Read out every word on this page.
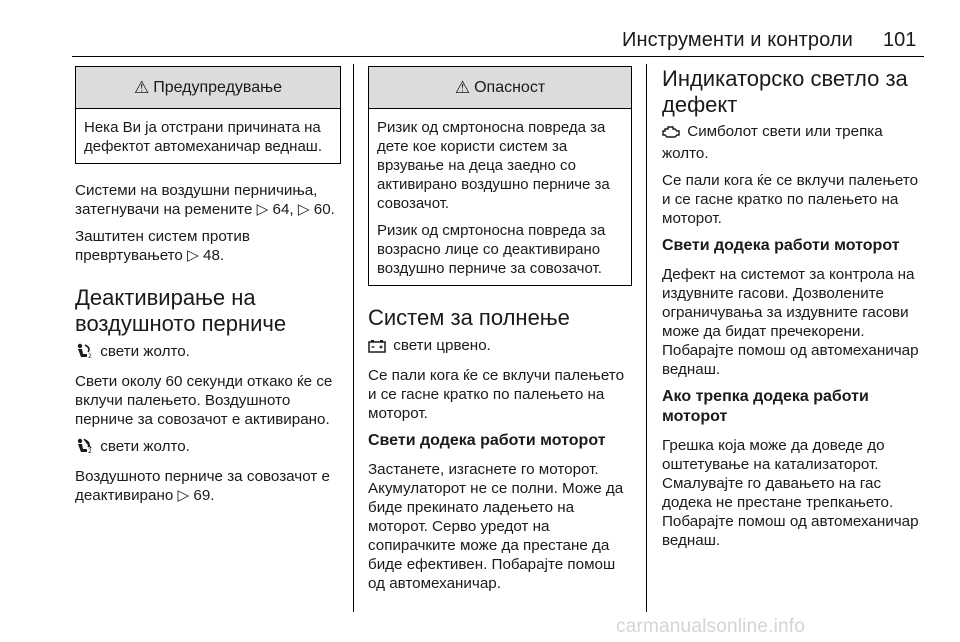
Инструменти и контроли 101
⚠ Предупредување

Нека Ви ја отстрани причината на дефектот автомеханичар веднаш.

Системи на воздушни перничиња, затегнувачи на ремените ▷ 64, ▷ 60.

Заштитен систем против превртувањето ▷ 48.

Деактивирање на воздушното перниче

2 свети жолто.

Свети околу 60 секунди откако ќе се вклучи палењето. Воздушното перниче за совозачот е активирано.

2 свети жолто.

Воздушното перниче за совозачот е деактивирано ▷ 69.

⚠ Опасност

Ризик од смртоносна повреда за дете кое користи систем за врзување на деца заедно со активирано воздушно перниче за совозачот.

Ризик од смртоносна повреда за возрасно лице со деактивирано воздушно перниче за совозачот.

Систем за полнење

свети црвено.

Се пали кога ќе се вклучи палењето и се гасне кратко по палењето на моторот.

Свети додека работи моторот

Застанете, изгаснете го моторот. Акумулаторот не се полни. Може да биде прекинато ладењето на моторот. Серво уредот на сопирачките може да престане да биде ефективен. Побарајте помош од автомеханичар.

Индикаторско светло за дефект

Симболот свети или трепка жолто.

Се пали кога ќе се вклучи палењето и се гасне кратко по палењето на моторот.

Свети додека работи моторот

Дефект на системот за контрола на издувните гасови. Дозволените ограничувања за издувните гасови може да бидат пречекорени. Побарајте помош од автомеханичар веднаш.

Ако трепка додека работи моторот

Грешка која може да доведе до оштетување на катализаторот. Смалувајте го давањето на гас додека не престане трепкањето. Побарајте помош од автомеханичар веднаш.

carmanualsonline.info
